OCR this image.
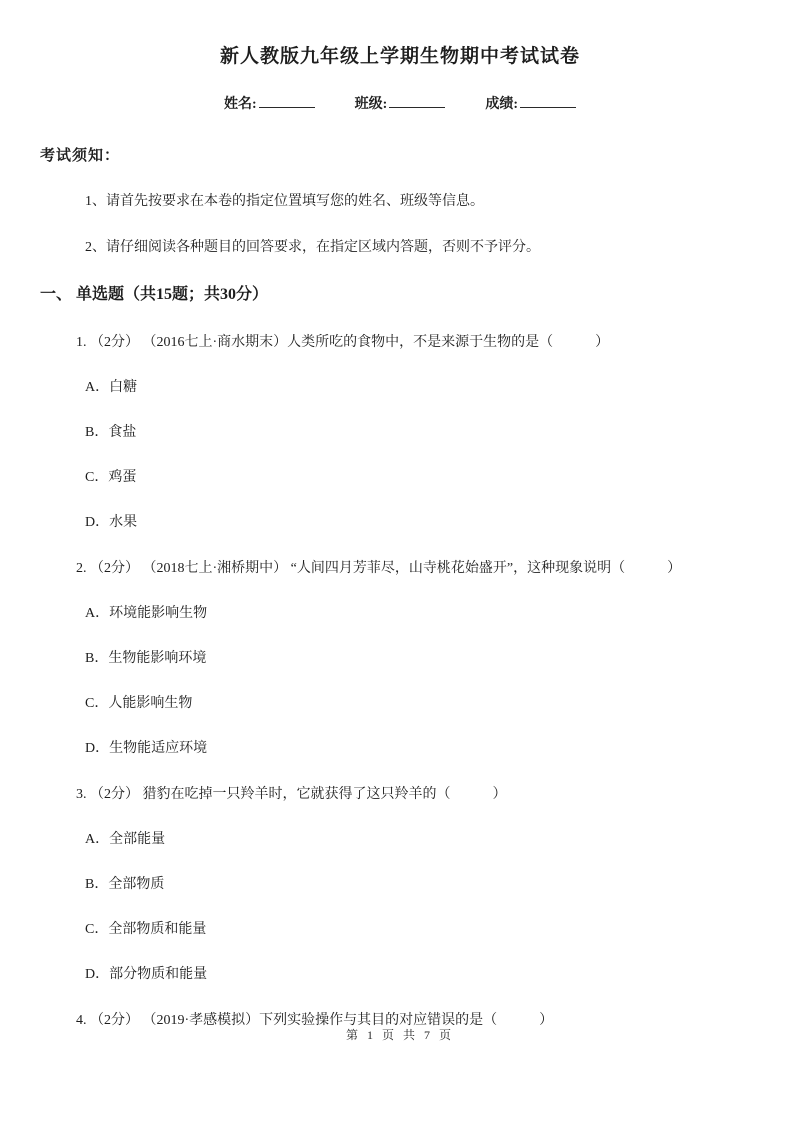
新人教版九年级上学期生物期中考试试卷
姓名:	班级:	成绩:
考试须知：
1、请首先按要求在本卷的指定位置填写您的姓名、班级等信息。
2、请仔细阅读各种题目的回答要求，在指定区域内答题，否则不予评分。
一、 单选题（共15题；共30分）
1. （2分） （2016七上·商水期末）人类所吃的食物中，不是来源于生物的是（　　　）
A．白糖
B．食盐
C．鸡蛋
D．水果
2. （2分） （2018七上·湘桥期中） “人间四月芳菲尽，山寺桃花始盛开”，这种现象说明（　　　）
A．环境能影响生物
B．生物能影响环境
C．人能影响生物
D．生物能适应环境
3. （2分） 猎豹在吃掉一只羚羊时，它就获得了这只羚羊的（　　　）
A．全部能量
B．全部物质
C．全部物质和能量
D．部分物质和能量
4. （2分） （2019·孝感模拟）下列实验操作与其目的对应错误的是（　　　）
第 1 页 共 7 页
